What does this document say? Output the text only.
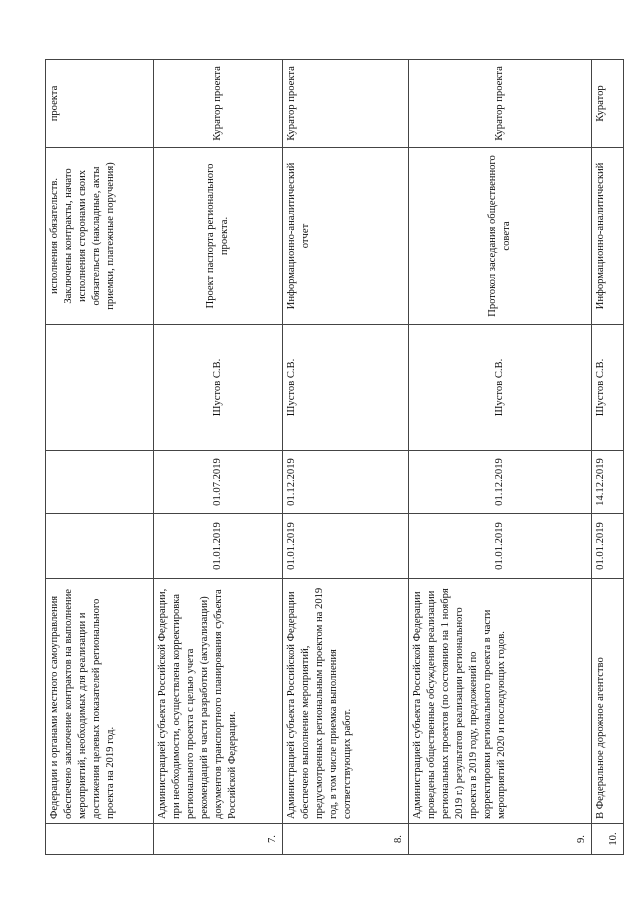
	Федерации и органами местного самоуправления обеспечено заключение контрактов на выполнение мероприятий, необходимых для реализации и достижения целевых показателей регионального проекта на 2019 год.				исполнения обязательств. Заключены контракты, начато исполнения сторонами своих обязательств (накладные, акты приемки, платежные поручения)	проекта
7.	Администрацией субъекта Российской Федерации, при необходимости, осуществлена корректировка регионального проекта с целью учета рекомендаций в части разработки (актуализации) документов транспортного планирования субъекта Российской Федерации.	01.01.2019	01.07.2019	Шустов С.В.	Проект паспорта регионального проекта.	Куратор проекта
8.	Администрацией субъекта Российской Федерации обеспечено выполнение мероприятий, предусмотренных региональным проектом на 2019 год, в том числе приемка выполнения соответствующих работ.	01.01.2019	01.12.2019	Шустов С.В.	Информационно-аналитический отчет	Куратор проекта
9.	Администрацией субъекта Российской Федерации проведены общественные обсуждения реализации региональных проектов (по состоянию на 1 ноября 2019 г.) результатов реализации регионального проекта в 2019 году, предложений по корректировки регионального проекта в части мероприятий 2020 и последующих годов.	01.01.2019	01.12.2019	Шустов С.В.	Протокол заседания общественного совета	Куратор проекта
10.	В Федеральное дорожное агентство	01.01.2019	14.12.2019	Шустов С.В.	Информационно-аналитический	Куратор
